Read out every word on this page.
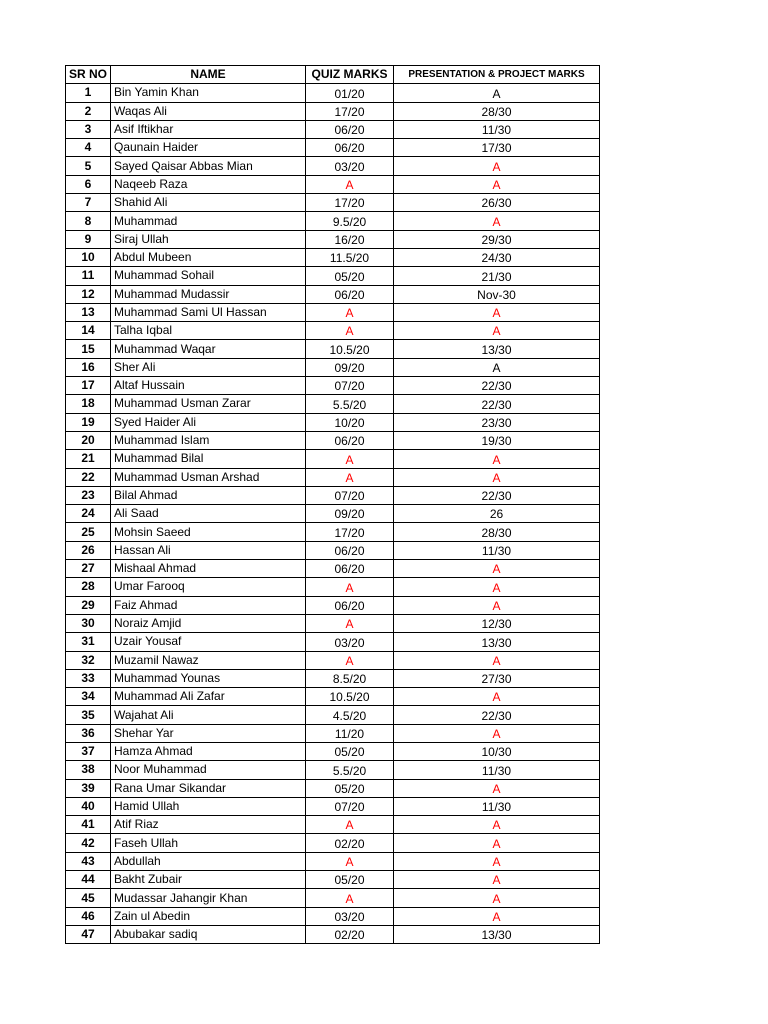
SR NO	NAME	QUIZ MARKS	PRESENTATION & PROJECT MARKS
1	Bin Yamin Khan	01/20	A
2	Waqas Ali	17/20	28/30
3	Asif Iftikhar	06/20	11/30
4	Qaunain Haider	06/20	17/30
5	Sayed Qaisar Abbas Mian	03/20	A
6	Naqeeb Raza	A	A
7	Shahid Ali	17/20	26/30
8	Muhammad	9.5/20	A
9	Siraj Ullah	16/20	29/30
10	Abdul Mubeen	11.5/20	24/30
11	Muhammad Sohail	05/20	21/30
12	Muhammad Mudassir	06/20	Nov-30
13	Muhammad Sami Ul Hassan	A	A
14	Talha Iqbal	A	A
15	Muhammad Waqar	10.5/20	13/30
16	Sher Ali	09/20	A
17	Altaf Hussain	07/20	22/30
18	Muhammad Usman Zarar	5.5/20	22/30
19	Syed Haider Ali	10/20	23/30
20	Muhammad Islam	06/20	19/30
21	Muhammad Bilal	A	A
22	Muhammad Usman Arshad	A	A
23	Bilal Ahmad	07/20	22/30
24	Ali Saad	09/20	26
25	Mohsin Saeed	17/20	28/30
26	Hassan Ali	06/20	11/30
27	Mishaal Ahmad	06/20	A
28	Umar Farooq	A	A
29	Faiz Ahmad	06/20	A
30	Noraiz Amjid	A	12/30
31	Uzair Yousaf	03/20	13/30
32	Muzamil Nawaz	A	A
33	Muhammad Younas	8.5/20	27/30
34	Muhammad Ali Zafar	10.5/20	A
35	Wajahat Ali	4.5/20	22/30
36	Shehar Yar	11/20	A
37	Hamza Ahmad	05/20	10/30
38	Noor Muhammad	5.5/20	11/30
39	Rana Umar Sikandar	05/20	A
40	Hamid Ullah	07/20	11/30
41	Atif Riaz	A	A
42	Faseh Ullah	02/20	A
43	Abdullah	A	A
44	Bakht Zubair	05/20	A
45	Mudassar Jahangir Khan	A	A
46	Zain ul Abedin	03/20	A
47	Abubakar sadiq	02/20	13/30
